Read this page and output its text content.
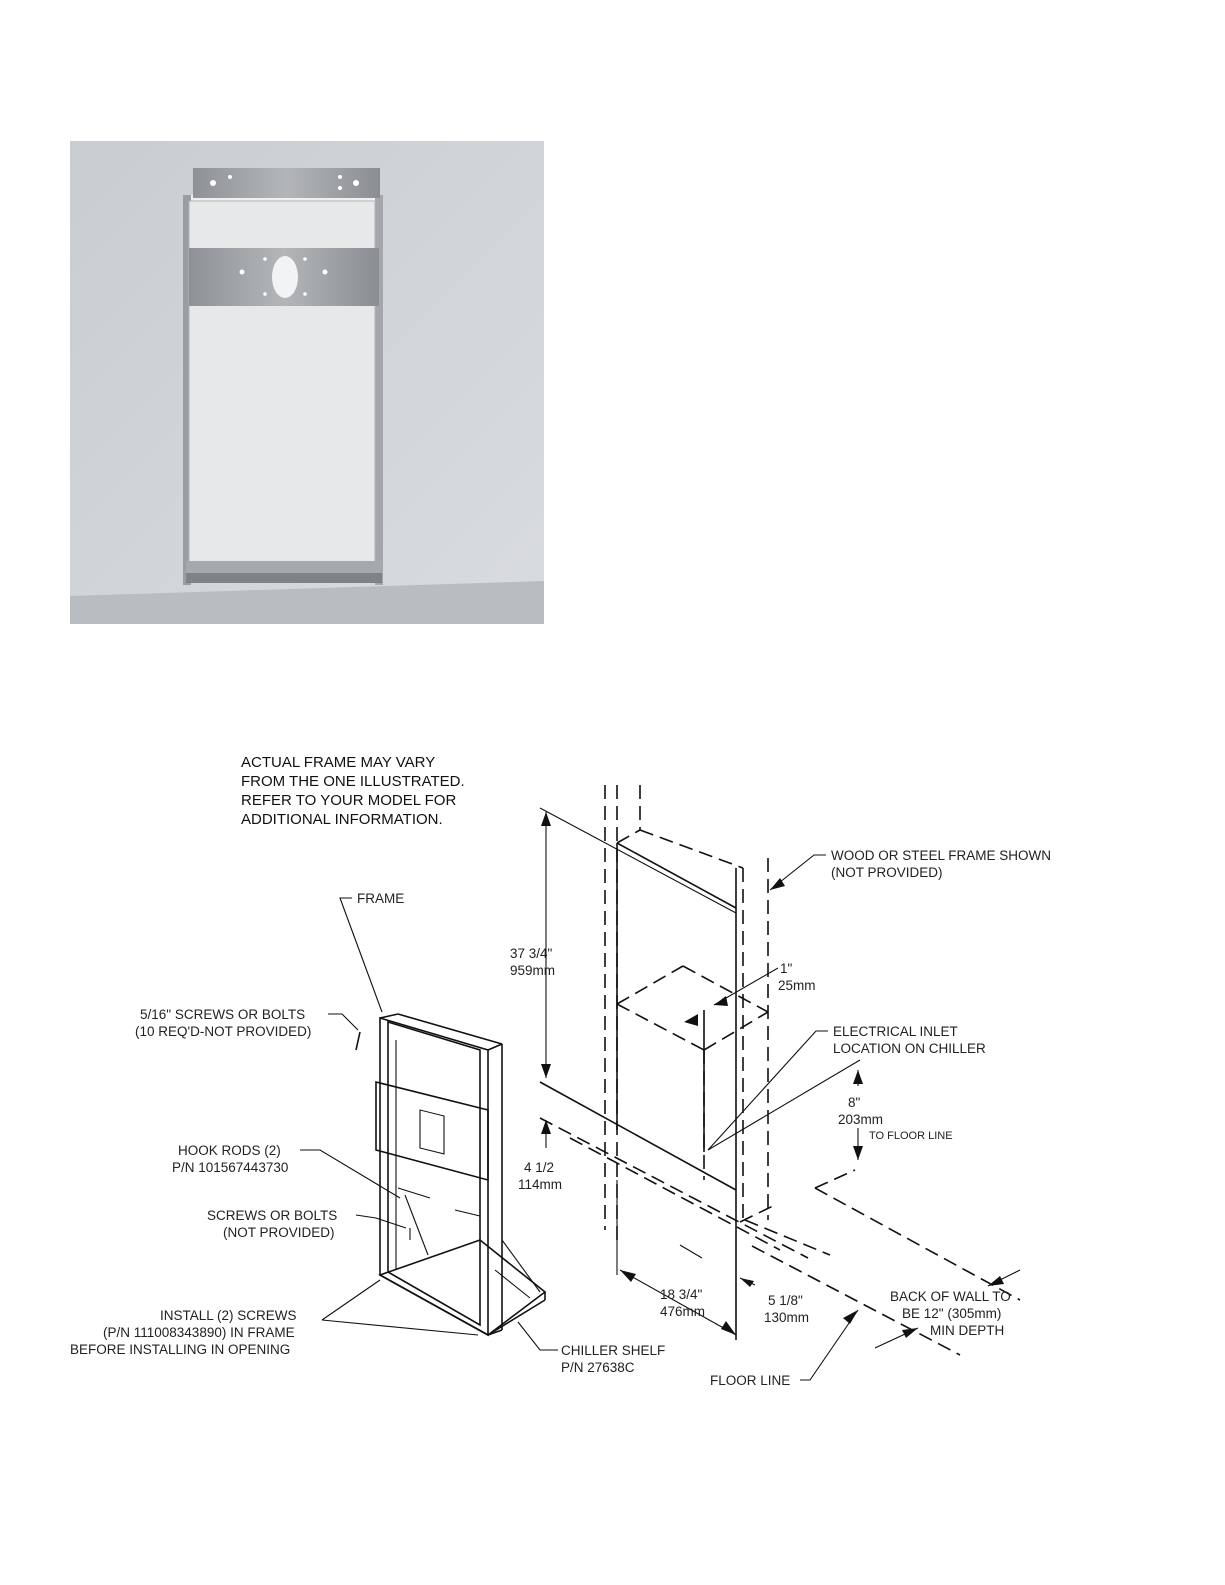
ACTUAL FRAME MAY VARY
FROM THE ONE ILLUSTRATED.
REFER TO YOUR MODEL FOR
ADDITIONAL INFORMATION.
FRAME
5/16" SCREWS OR BOLTS
(10 REQ'D-NOT PROVIDED)
HOOK RODS (2)
P/N 101567443730
SCREWS OR BOLTS
(NOT PROVIDED)
INSTALL (2) SCREWS
(P/N 111008343890) IN FRAME
BEFORE INSTALLING IN OPENING	CHILLER SHELF
P/N 27638C
37 3/4"
959mm
4 1/2
114mm
1"
25mm
WOOD OR STEEL FRAME SHOWN
(NOT PROVIDED)
ELECTRICAL INLET
LOCATION ON CHILLER
8"
203mm
TO FLOOR LINE
18 3/4"
476mm
5 1/8"
130mm
BACK OF WALL TO
BE 12" (305mm)
MIN DEPTH
FLOOR LINE
